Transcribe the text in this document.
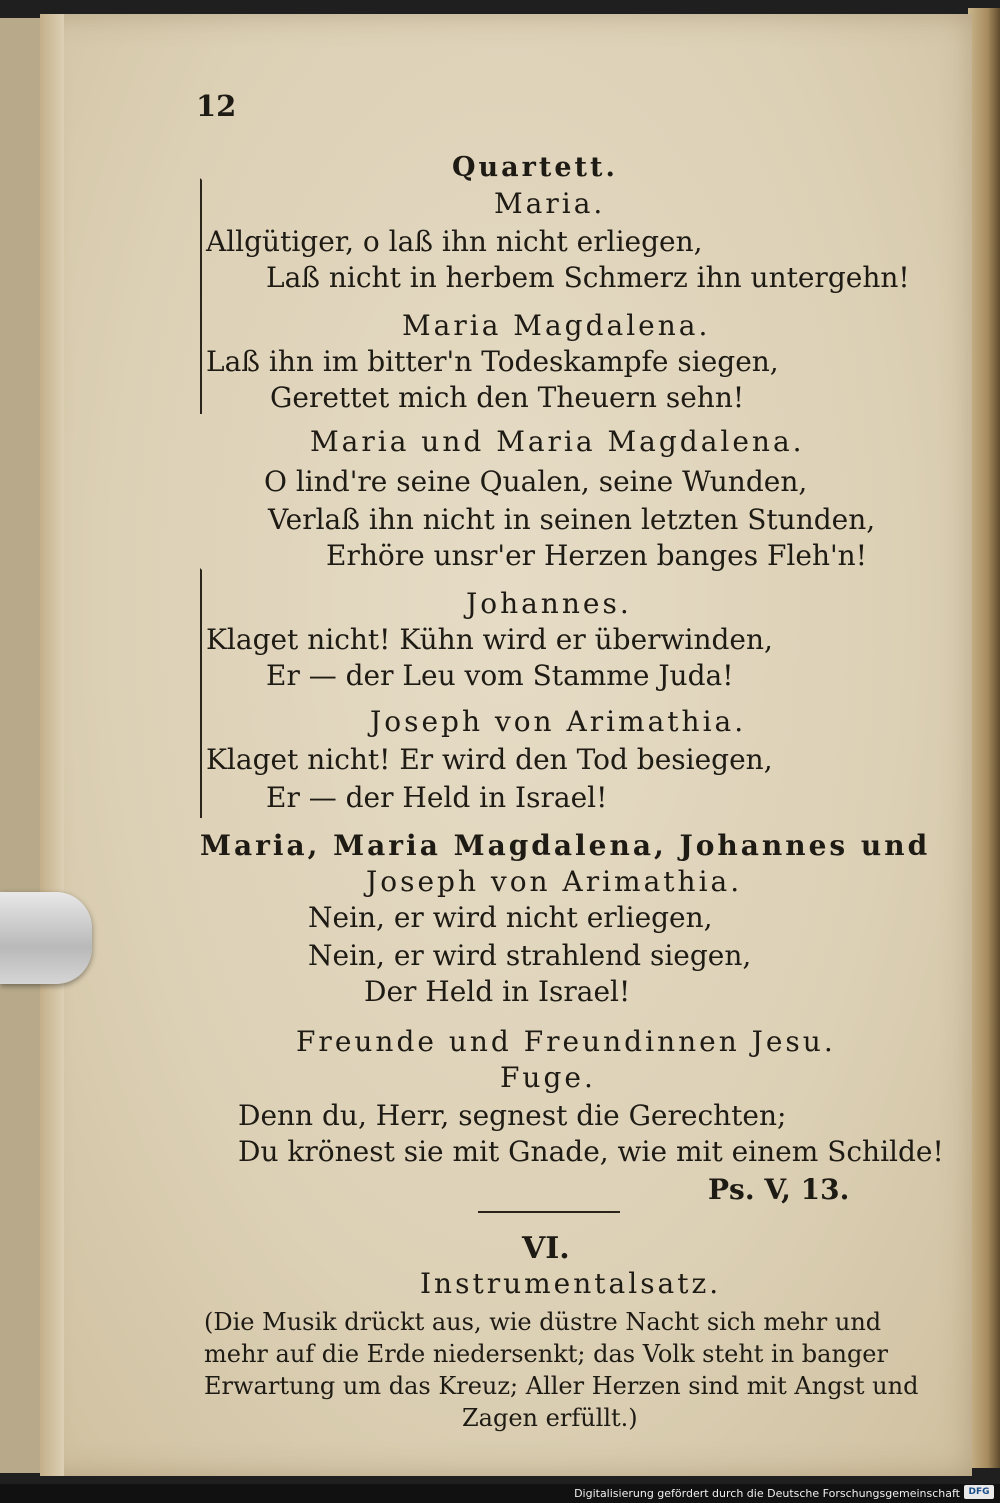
12
Quartett.
Maria.
Allgütiger, o laß ihn nicht erliegen,
Laß nicht in herbem Schmerz ihn untergehn!
Maria Magdalena.
Laß ihn im bitter'n Todeskampfe siegen,
Gerettet mich den Theuern sehn!
Maria und Maria Magdalena.
O lind're seine Qualen, seine Wunden,
Verlaß ihn nicht in seinen letzten Stunden,
Erhöre unsr'er Herzen banges Fleh'n!
Johannes.
Klaget nicht! Kühn wird er überwinden,
Er — der Leu vom Stamme Juda!
Joseph von Arimathia.
Klaget nicht! Er wird den Tod besiegen,
Er — der Held in Israel!
Maria, Maria Magdalena, Johannes und
Joseph von Arimathia.
Nein, er wird nicht erliegen,
Nein, er wird strahlend siegen,
Der Held in Israel!
Freunde und Freundinnen Jesu.
Fuge.
Denn du, Herr, segnest die Gerechten;
Du krönest sie mit Gnade, wie mit einem Schilde!
Ps. V, 13.
VI.
Instrumentalsatz.
(Die Musik drückt aus, wie düstre Nacht sich mehr und
mehr auf die Erde niedersenkt; das Volk steht in banger
Erwartung um das Kreuz; Aller Herzen sind mit Angst und
Zagen erfüllt.)
Digitalisierung gefördert durch die Deutsche Forschungsgemeinschaft DFG
